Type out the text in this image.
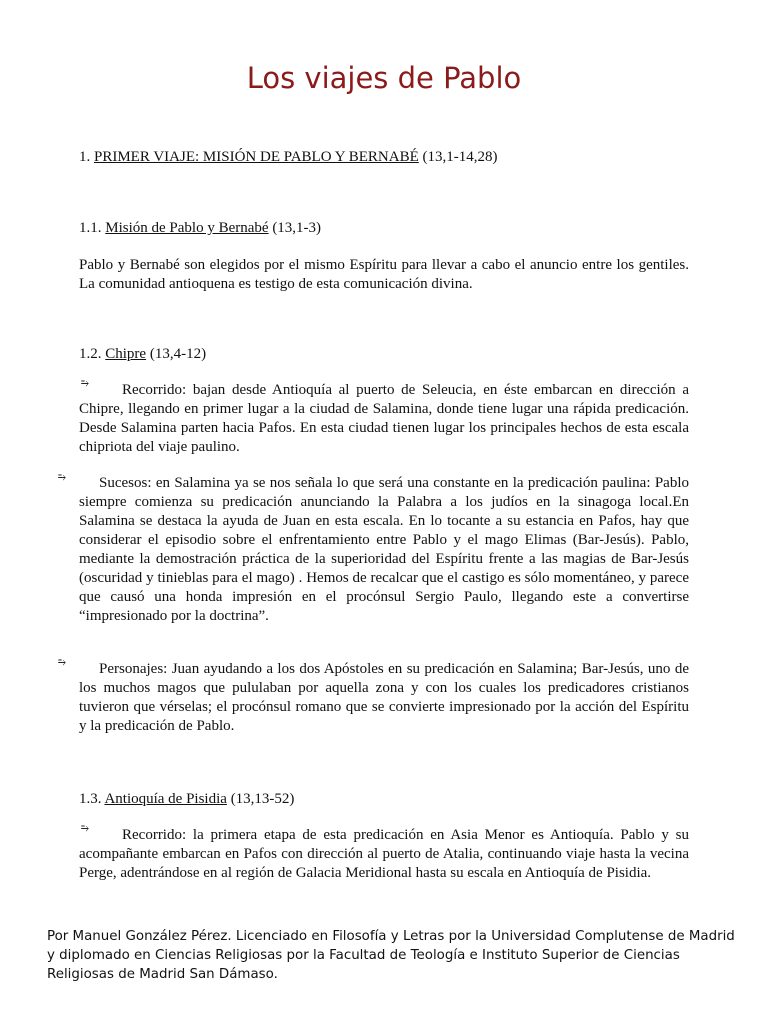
Los viajes de Pablo
1. PRIMER VIAJE: MISIÓN DE PABLO Y BERNABÉ (13,1-14,28)
1.1. Misión de Pablo y Bernabé (13,1-3)

Pablo y Bernabé son elegidos por el mismo Espíritu para llevar a cabo el anuncio entre los gentiles. La comunidad antioquena es testigo de esta comunicación divina.

1.2. Chipre (13,4-12)
⥱	Recorrido: bajan desde Antioquía al puerto de Seleucia, en éste embarcan en dirección a Chipre, llegando en primer lugar a la ciudad de Salamina, donde tiene lugar una rápida predicación. Desde Salamina parten hacia Pafos. En esta ciudad tienen lugar los principales hechos de esta escala chipriota del viaje paulino.

⥱	Sucesos: en Salamina ya se nos señala lo que será una constante en la predicación paulina: Pablo siempre comienza su predicación anunciando la Palabra a los judíos en la sinagoga local.En Salamina se destaca la ayuda de Juan en esta escala. En lo tocante a su estancia en Pafos, hay que considerar el episodio sobre el enfrentamiento entre Pablo y el mago Elimas (Bar-Jesús). Pablo, mediante la demostración práctica de la superioridad del Espíritu frente a las magias de Bar-Jesús (oscuridad y tinieblas para el mago) . Hemos de recalcar que el castigo es sólo momentáneo, y parece que causó una honda impresión en el procónsul Sergio Paulo, llegando este a convertirse “impresionado por la doctrina”.

⥱	Personajes: Juan ayudando a los dos Apóstoles en su predicación en Salamina; Bar-Jesús, uno de los muchos magos que pululaban por aquella zona y con los cuales los predicadores cristianos tuvieron que vérselas; el procónsul romano que se convierte impresionado por la acción del Espíritu y la predicación de Pablo.

1.3. Antioquía de Pisidia (13,13-52)
⥱	Recorrido: la primera etapa de esta predicación en Asia Menor es Antioquía. Pablo y su acompañante embarcan en Pafos con dirección al puerto de Atalia, continuando viaje hasta la vecina Perge, adentrándose en al región de Galacia Meridional hasta su escala en Antioquía de Pisidia.

Por Manuel González Pérez. Licenciado en Filosofía y Letras por la Universidad Complutense de Madrid y diplomado en Ciencias Religiosas por la Facultad de Teología e Instituto Superior de Ciencias Religiosas de Madrid San Dámaso.
